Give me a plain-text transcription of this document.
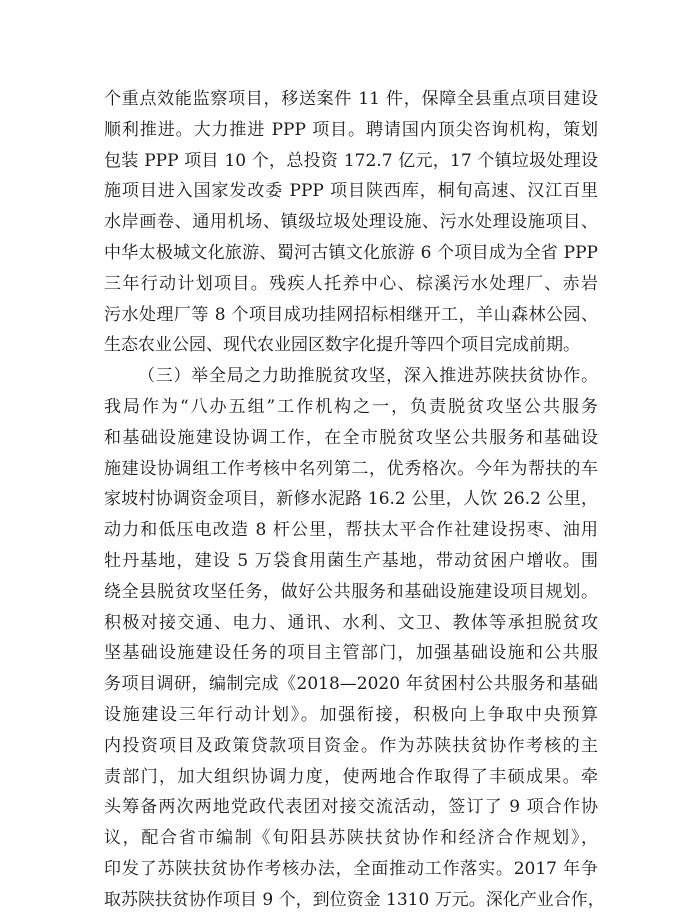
个重点效能监察项目，移送案件 11 件，保障全县重点项目建设
顺利推进。大力推进 PPP 项目。聘请国内顶尖咨询机构，策划
包装 PPP 项目 10 个，总投资 172.7 亿元，17 个镇垃圾处理设
施项目进入国家发改委 PPP 项目陕西库，桐旬高速、汉江百里
水岸画卷、通用机场、镇级垃圾处理设施、污水处理设施项目、
中华太极城文化旅游、蜀河古镇文化旅游 6 个项目成为全省 PPP
三年行动计划项目。残疾人托养中心、棕溪污水处理厂、赤岩
污水处理厂等 8 个项目成功挂网招标相继开工，羊山森林公园、
生态农业公园、现代农业园区数字化提升等四个项目完成前期。
（三）举全局之力助推脱贫攻坚，深入推进苏陕扶贫协作。
我局作为“八办五组”工作机构之一，负责脱贫攻坚公共服务
和基础设施建设协调工作，在全市脱贫攻坚公共服务和基础设
施建设协调组工作考核中名列第二，优秀格次。今年为帮扶的车
家坡村协调资金项目，新修水泥路 16.2 公里，人饮 26.2 公里，
动力和低压电改造 8 杆公里，帮扶太平合作社建设拐枣、油用
牡丹基地，建设 5 万袋食用菌生产基地，带动贫困户增收。围
绕全县脱贫攻坚任务，做好公共服务和基础设施建设项目规划。
积极对接交通、电力、通讯、水利、文卫、教体等承担脱贫攻
坚基础设施建设任务的项目主管部门，加强基础设施和公共服
务项目调研，编制完成《2018—2020 年贫困村公共服务和基础
设施建设三年行动计划》。加强衔接，积极向上争取中央预算
内投资项目及政策贷款项目资金。作为苏陕扶贫协作考核的主
责部门，加大组织协调力度，使两地合作取得了丰硕成果。牵
头筹备两次两地党政代表团对接交流活动，签订了 9 项合作协
议，配合省市编制《旬阳县苏陕扶贫协作和经济合作规划》，
印发了苏陕扶贫协作考核办法，全面推动工作落实。2017 年争
取苏陕扶贫协作项目 9 个，到位资金 1310 万元。深化产业合作，
